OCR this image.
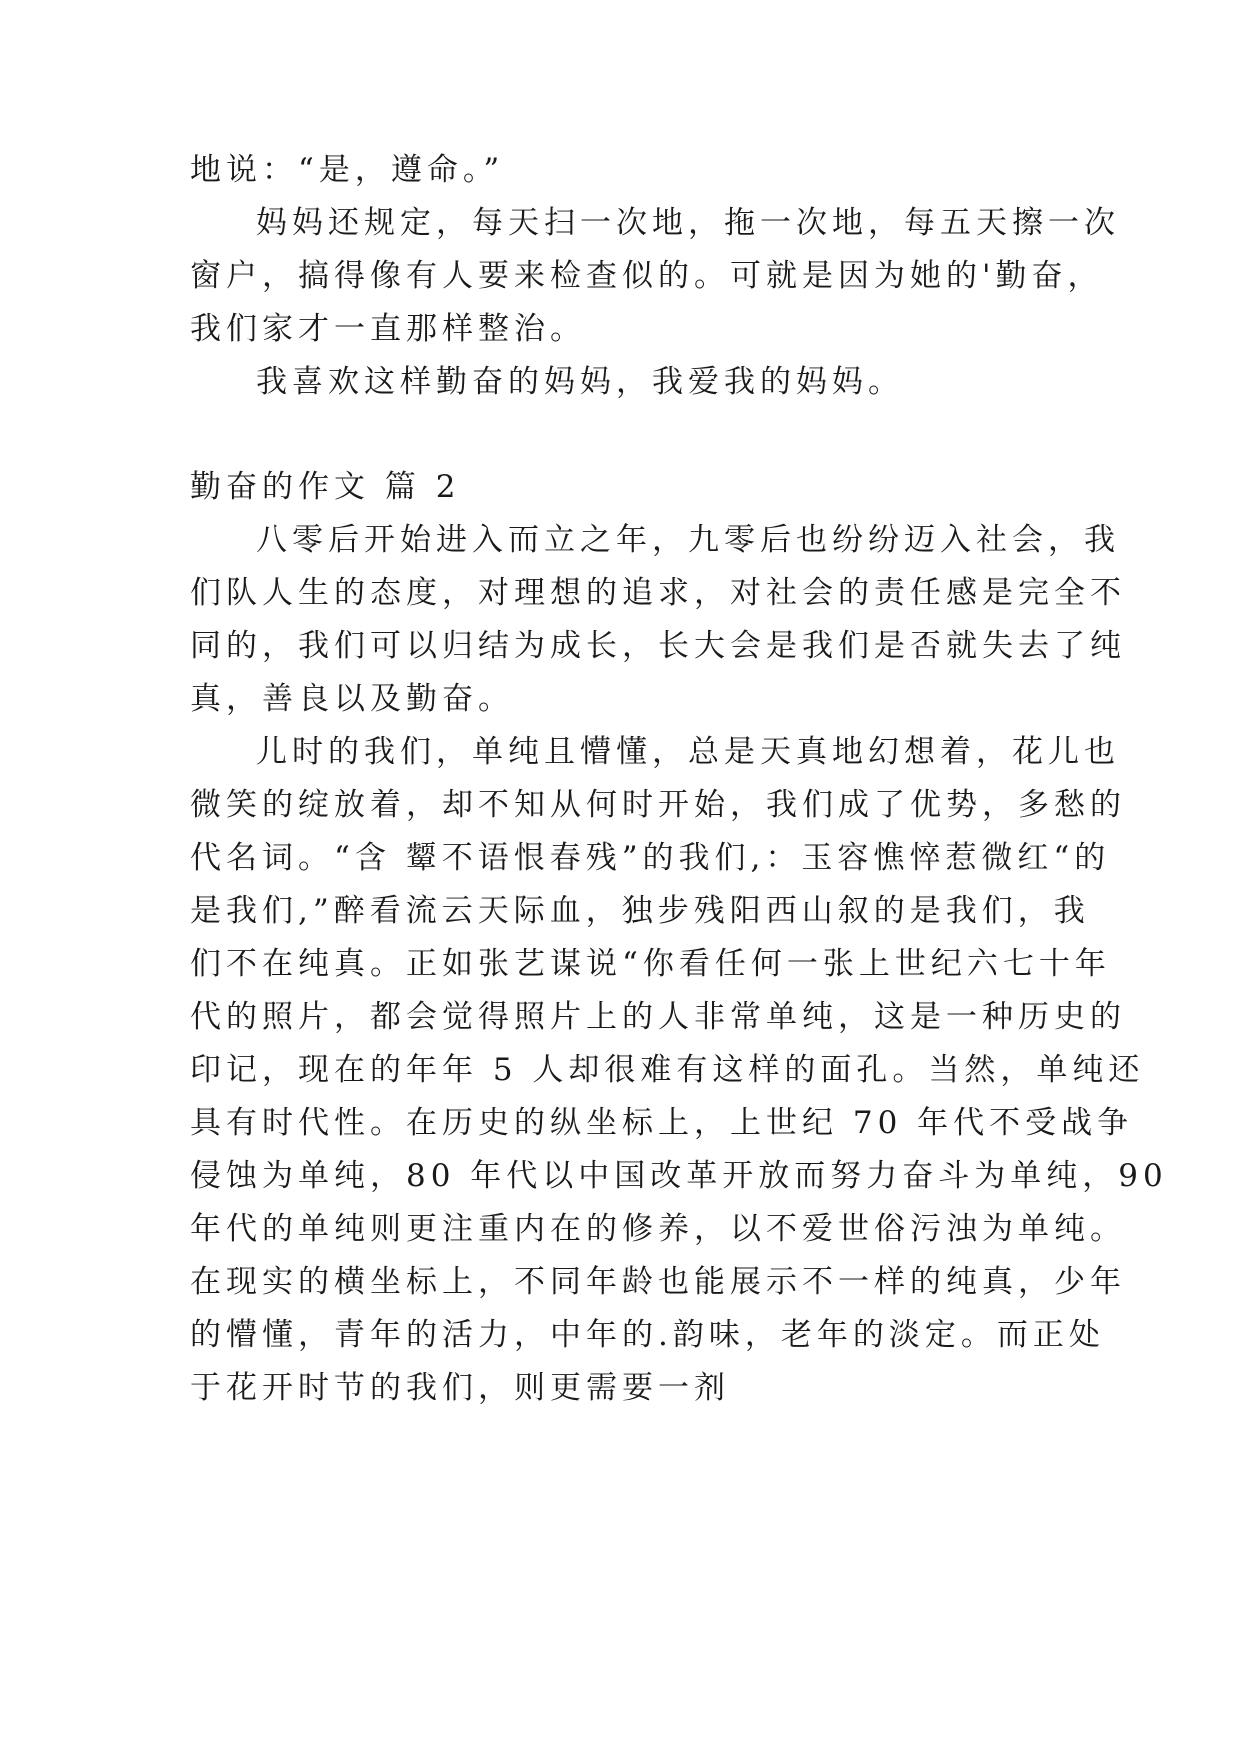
地说：“是，遵命。”
妈妈还规定，每天扫一次地，拖一次地，每五天擦一次
窗户，搞得像有人要来检查似的。可就是因为她的'勤奋，
我们家才一直那样整治。
我喜欢这样勤奋的妈妈，我爱我的妈妈。
勤奋的作文 篇 2
八零后开始进入而立之年，九零后也纷纷迈入社会，我
们队人生的态度，对理想的追求，对社会的责任感是完全不
同的，我们可以归结为成长，长大会是我们是否就失去了纯
真，善良以及勤奋。
儿时的我们，单纯且懵懂，总是天真地幻想着，花儿也
微笑的绽放着，却不知从何时开始，我们成了优势，多愁的
代名词。“含 颦不语恨春残”的我们,：玉容憔悴惹微红“的
是我们,”醉看流云天际血，独步残阳西山叙的是我们，我
们不在纯真。正如张艺谋说“你看任何一张上世纪六七十年
代的照片，都会觉得照片上的人非常单纯，这是一种历史的
印记，现在的年年 5 人却很难有这样的面孔。当然，单纯还
具有时代性。在历史的纵坐标上，上世纪 70 年代不受战争
侵蚀为单纯，80 年代以中国改革开放而努力奋斗为单纯，90
年代的单纯则更注重内在的修养，以不爱世俗污浊为单纯。
在现实的横坐标上，不同年龄也能展示不一样的纯真，少年
的懵懂，青年的活力，中年的.韵味，老年的淡定。而正处
于花开时节的我们，则更需要一剂
